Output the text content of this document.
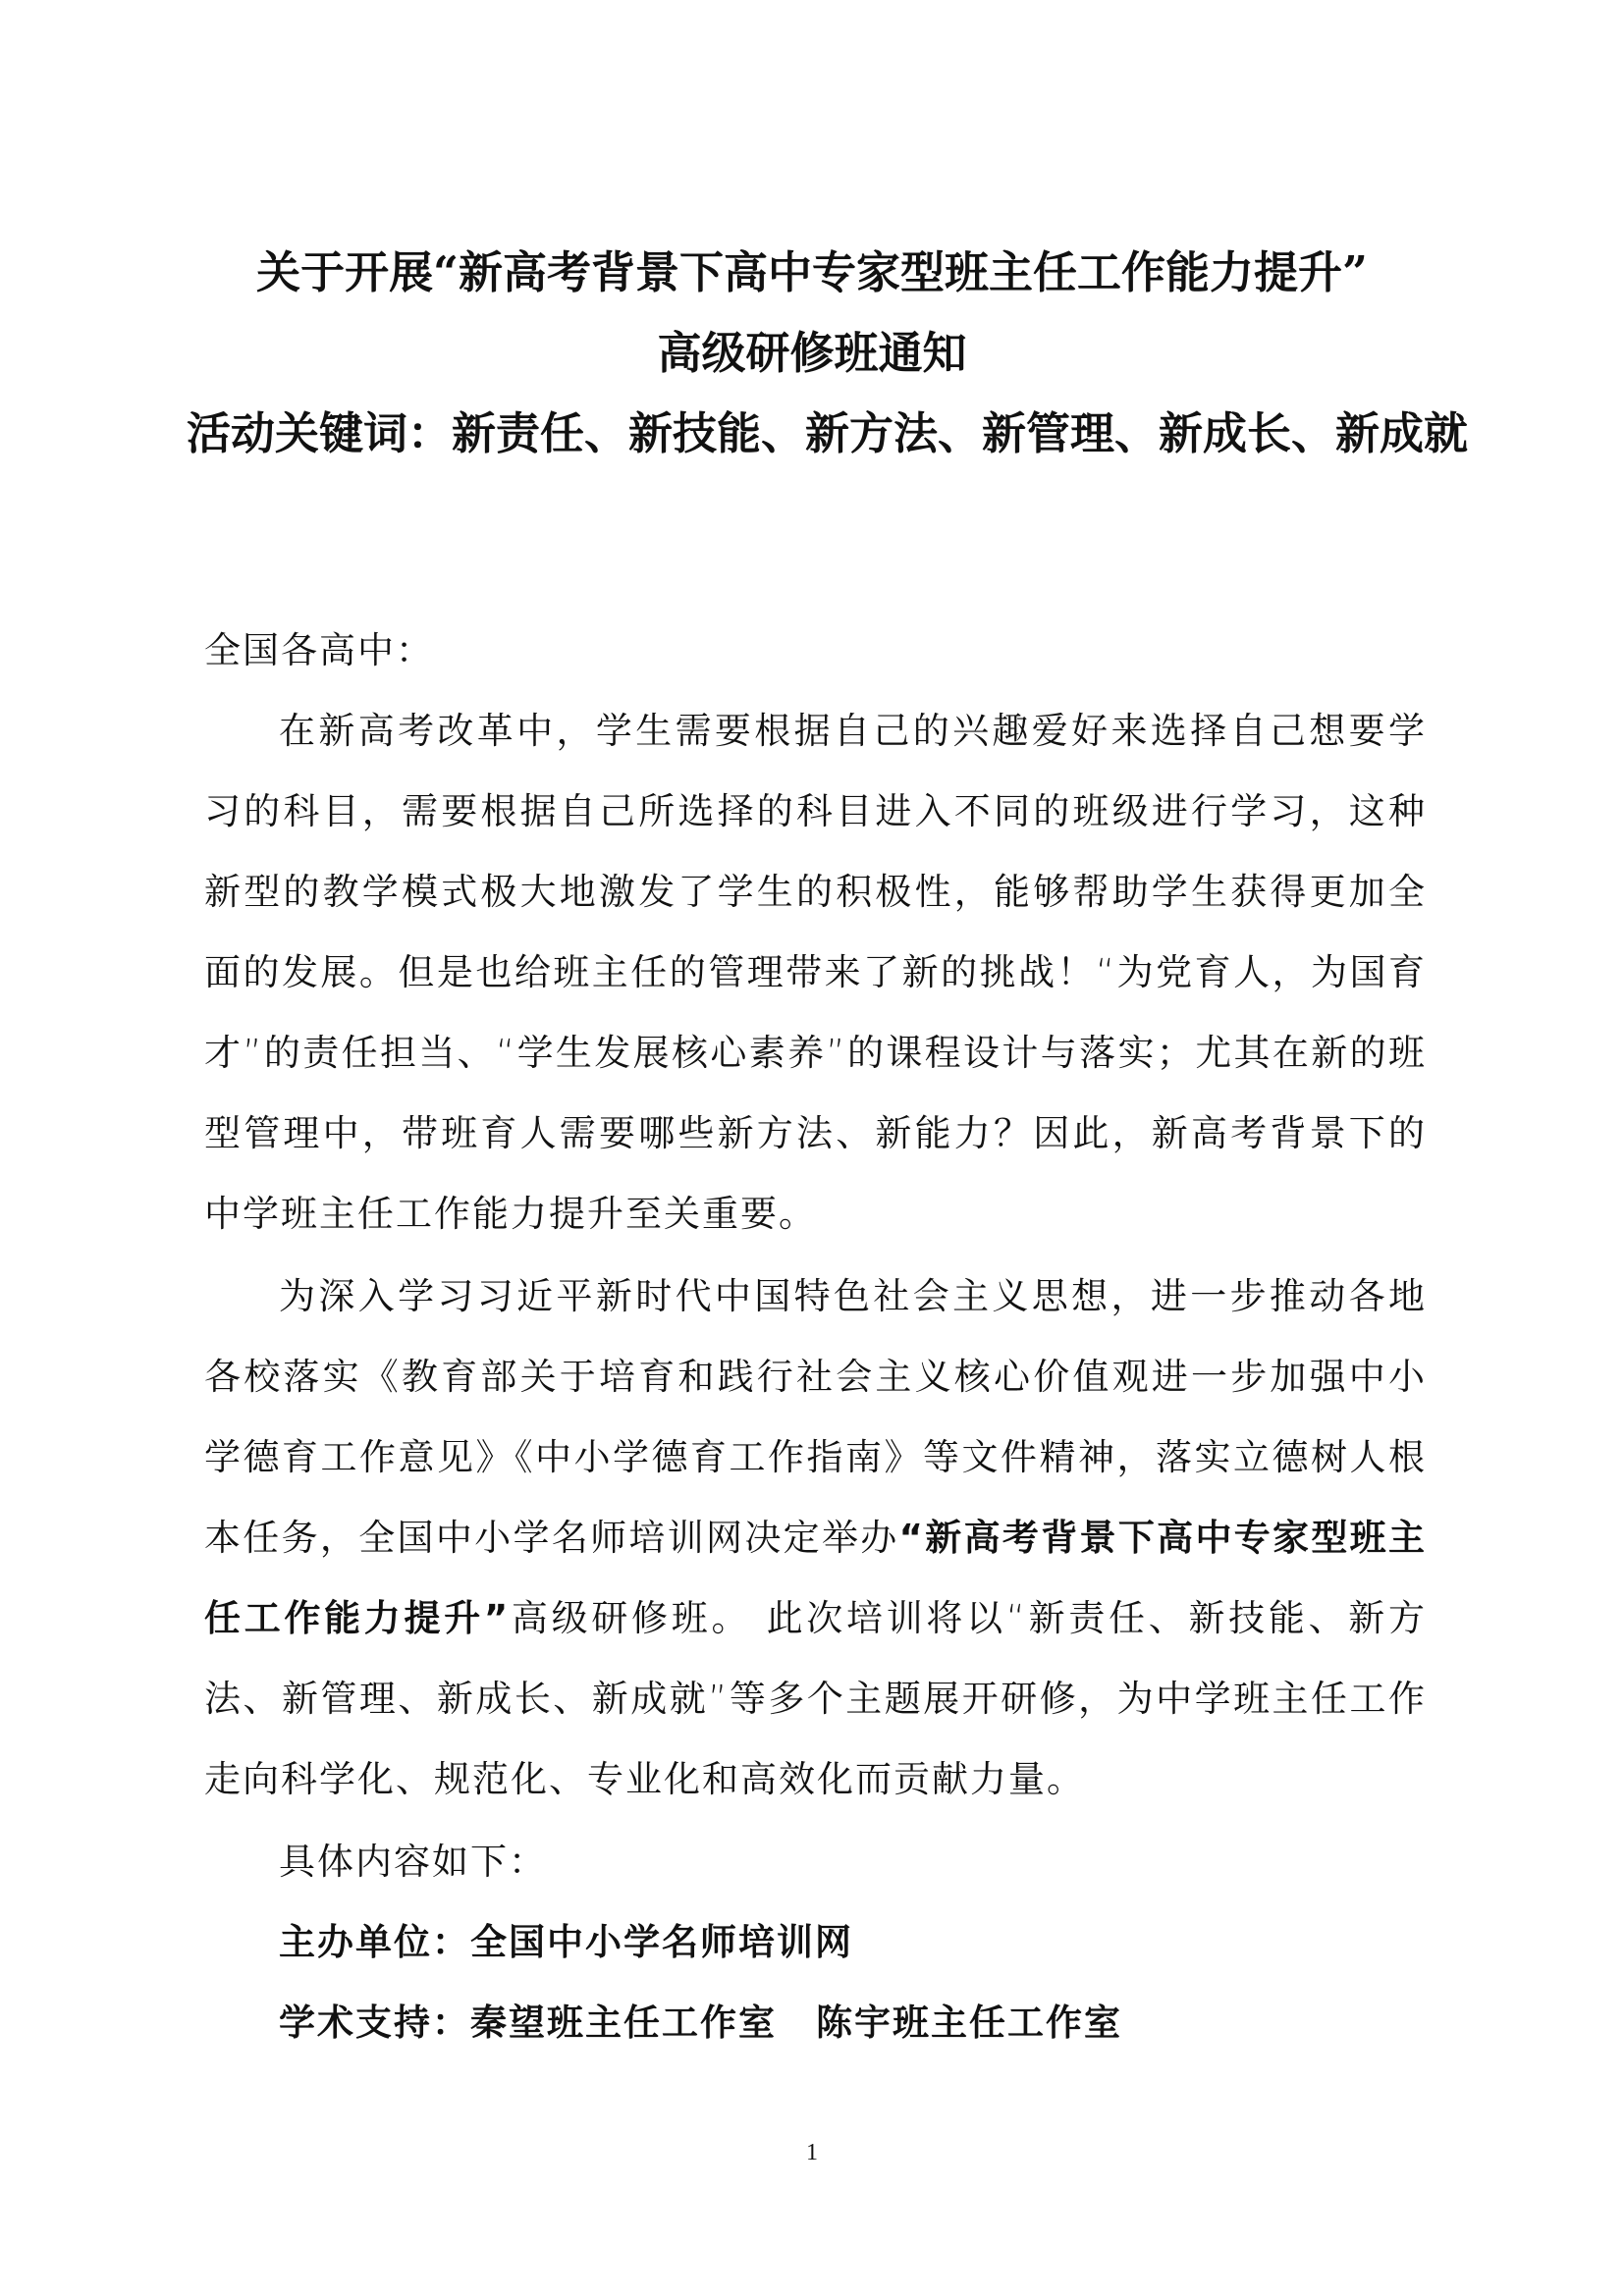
关于开展“新高考背景下高中专家型班主任工作能力提升”
高级研修班通知
活动关键词：新责任、新技能、新方法、新管理、新成长、新成就
全国各高中：
在新高考改革中，学生需要根据自己的兴趣爱好来选择自己想要学习的科目，需要根据自己所选择的科目进入不同的班级进行学习，这种新型的教学模式极大地激发了学生的积极性，能够帮助学生获得更加全面的发展。但是也给班主任的管理带来了新的挑战！“为党育人，为国育才”的责任担当、“学生发展核心素养”的课程设计与落实；尤其在新的班型管理中，带班育人需要哪些新方法、新能力？因此，新高考背景下的中学班主任工作能力提升至关重要。
为深入学习习近平新时代中国特色社会主义思想，进一步推动各地各校落实《教育部关于培育和践行社会主义核心价值观进一步加强中小学德育工作意见》《中小学德育工作指南》等文件精神，落实立德树人根本任务，全国中小学名师培训网决定举办“新高考背景下高中专家型班主任工作能力提升”高级研修班。 此次培训将以“新责任、新技能、新方法、新管理、新成长、新成就”等多个主题展开研修，为中学班主任工作走向科学化、规范化、专业化和高效化而贡献力量。
具体内容如下：
主办单位：全国中小学名师培训网
学术支持：秦望班主任工作室 陈宇班主任工作室
1
